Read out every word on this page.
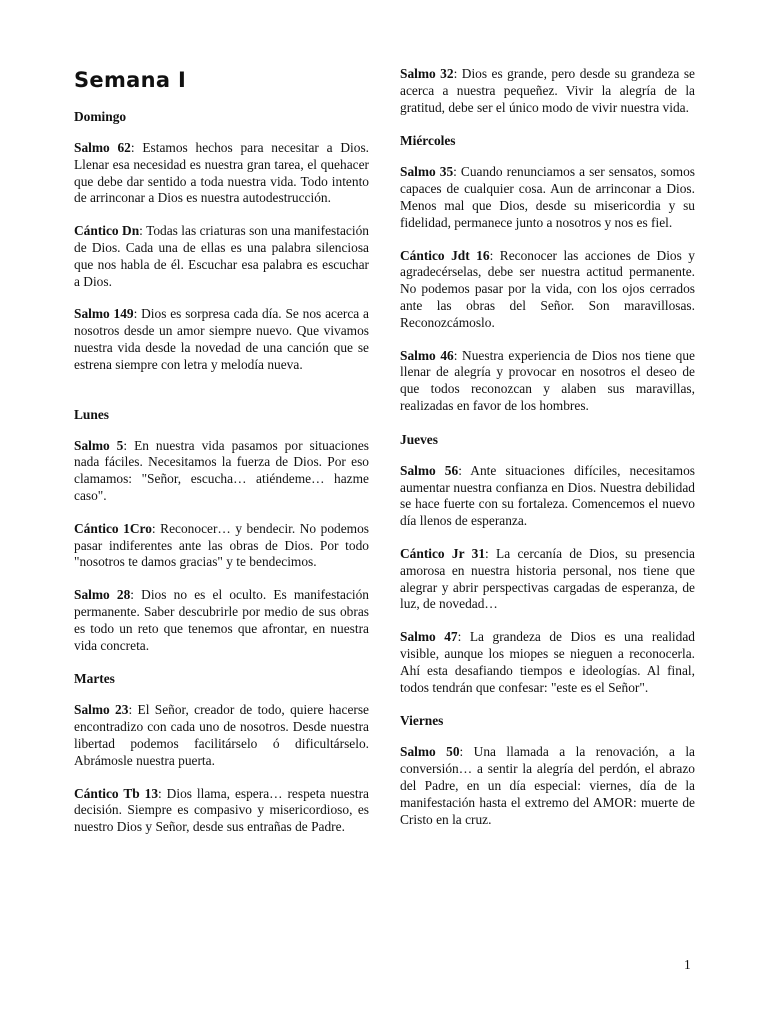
Semana I
Domingo

Salmo 62: Estamos hechos para necesitar a Dios. Llenar esa necesidad es nuestra gran tarea, el quehacer que debe dar sentido a toda nuestra vida. Todo intento de arrinconar a Dios es nuestra autodestrucción.

Cántico Dn: Todas las criaturas son una manifestación de Dios. Cada una de ellas es una palabra silenciosa que nos habla de él. Escuchar esa palabra es escuchar a Dios.

Salmo 149: Dios es sorpresa cada día. Se nos acerca a nosotros desde un amor siempre nuevo. Que vivamos nuestra vida desde la novedad de una canción que se estrena siempre con letra y melodía nueva.

Lunes

Salmo 5: En nuestra vida pasamos por situaciones nada fáciles. Necesitamos la fuerza de Dios. Por eso clamamos: "Señor, escucha… atiéndeme… hazme caso".

Cántico 1Cro: Reconocer… y bendecir. No podemos pasar indiferentes ante las obras de Dios. Por todo "nosotros te damos gracias" y te bendecimos.

Salmo 28: Dios no es el oculto. Es manifestación permanente. Saber descubrirle por medio de sus obras es todo un reto que tenemos que afrontar, en nuestra vida concreta.

Martes

Salmo 23: El Señor, creador de todo, quiere hacerse encontradizo con cada uno de nosotros. Desde nuestra libertad podemos facilitárselo ó dificultárselo. Abrámosle nuestra puerta.

Cántico Tb 13: Dios llama, espera… respeta nuestra decisión. Siempre es compasivo y misericordioso, es nuestro Dios y Señor, desde sus entrañas de Padre.

Salmo 32: Dios es grande, pero desde su grandeza se acerca a nuestra pequeñez. Vivir la alegría de la gratitud, debe ser el único modo de vivir nuestra vida.

Miércoles

Salmo 35: Cuando renunciamos a ser sensatos, somos capaces de cualquier cosa. Aun de arrinconar a Dios. Menos mal que Dios, desde su misericordia y su fidelidad, permanece junto a nosotros y nos es fiel.

Cántico Jdt 16: Reconocer las acciones de Dios y agradecérselas, debe ser nuestra actitud permanente. No podemos pasar por la vida, con los ojos cerrados ante las obras del Señor. Son maravillosas. Reconozcámoslo.

Salmo 46: Nuestra experiencia de Dios nos tiene que llenar de alegría y provocar en nosotros el deseo de que todos reconozcan y alaben sus maravillas, realizadas en favor de los hombres.

Jueves

Salmo 56: Ante situaciones difíciles, necesitamos aumentar nuestra confianza en Dios. Nuestra debilidad se hace fuerte con su fortaleza. Comencemos el nuevo día llenos de esperanza.

Cántico Jr 31: La cercanía de Dios, su presencia amorosa en nuestra historia personal, nos tiene que alegrar y abrir perspectivas cargadas de esperanza, de luz, de novedad…

Salmo 47: La grandeza de Dios es una realidad visible, aunque los miopes se nieguen a reconocerla. Ahí esta desafiando tiempos e ideologías. Al final, todos tendrán que confesar: "este es el Señor".

Viernes

Salmo 50: Una llamada a la renovación, a la conversión… a sentir la alegría del perdón, el abrazo del Padre, en un día especial: viernes, día de la manifestación hasta el extremo del AMOR: muerte de Cristo en la cruz.

1
